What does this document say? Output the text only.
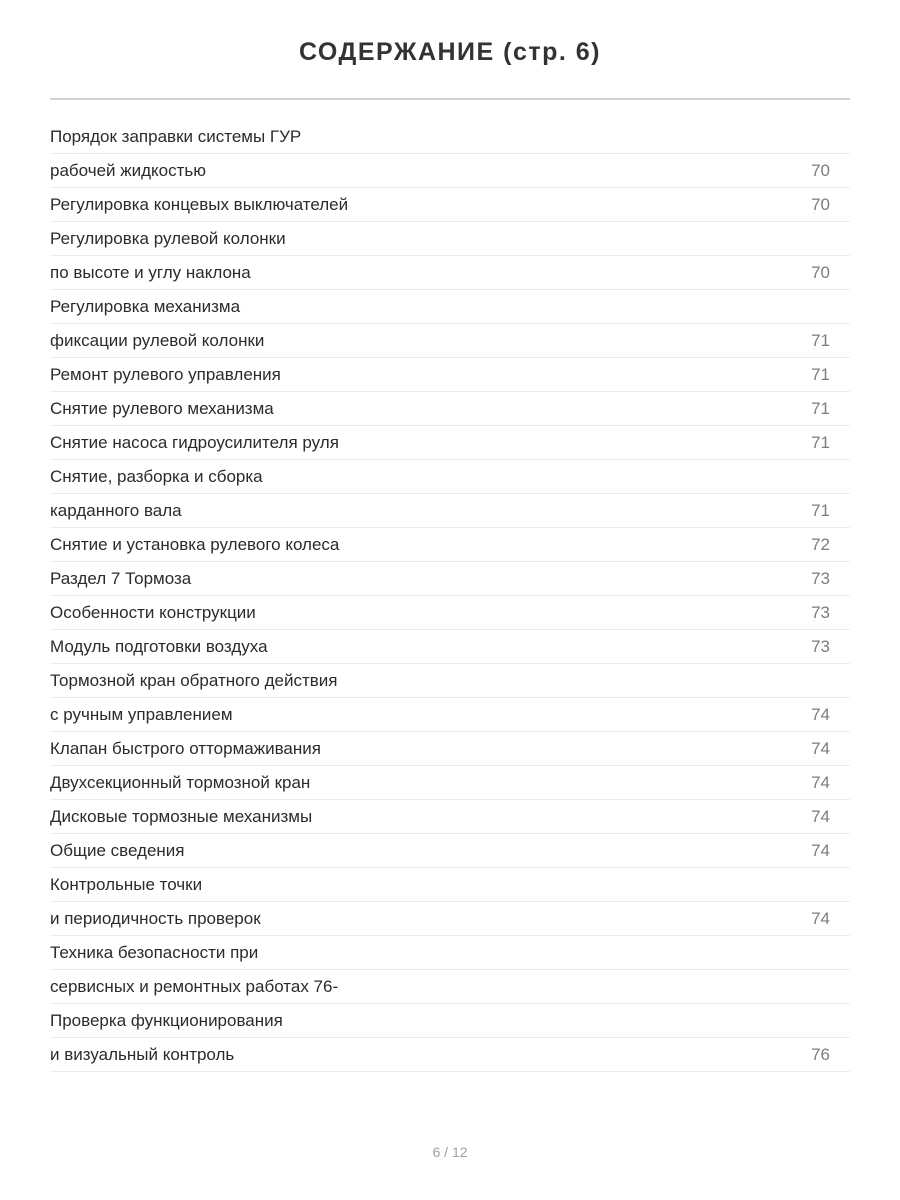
СОДЕРЖАНИЕ (стр. 6)
Порядок заправки системы ГУР
рабочей жидкостью	70
Регулировка концевых выключателей	70
Регулировка рулевой колонки
по высоте и углу наклона	70
Регулировка механизма
фиксации рулевой колонки	71
Ремонт рулевого управления	71
Снятие рулевого механизма	71
Снятие насоса гидроусилителя руля	71
Снятие, разборка и сборка
карданного вала	71
Снятие и установка рулевого колеса	72
Раздел 7 Тормоза	73
Особенности конструкции	73
Модуль подготовки воздуха	73
Тормозной кран обратного действия
с ручным управлением	74
Клапан быстрого оттормаживания	74
Двухсекционный тормозной кран	74
Дисковые тормозные механизмы	74
Общие сведения	74
Контрольные точки
и периодичность проверок	74
Техника безопасности при
сервисных и ремонтных работах 76-
Проверка функционирования
и визуальный контроль	76
6 / 12
